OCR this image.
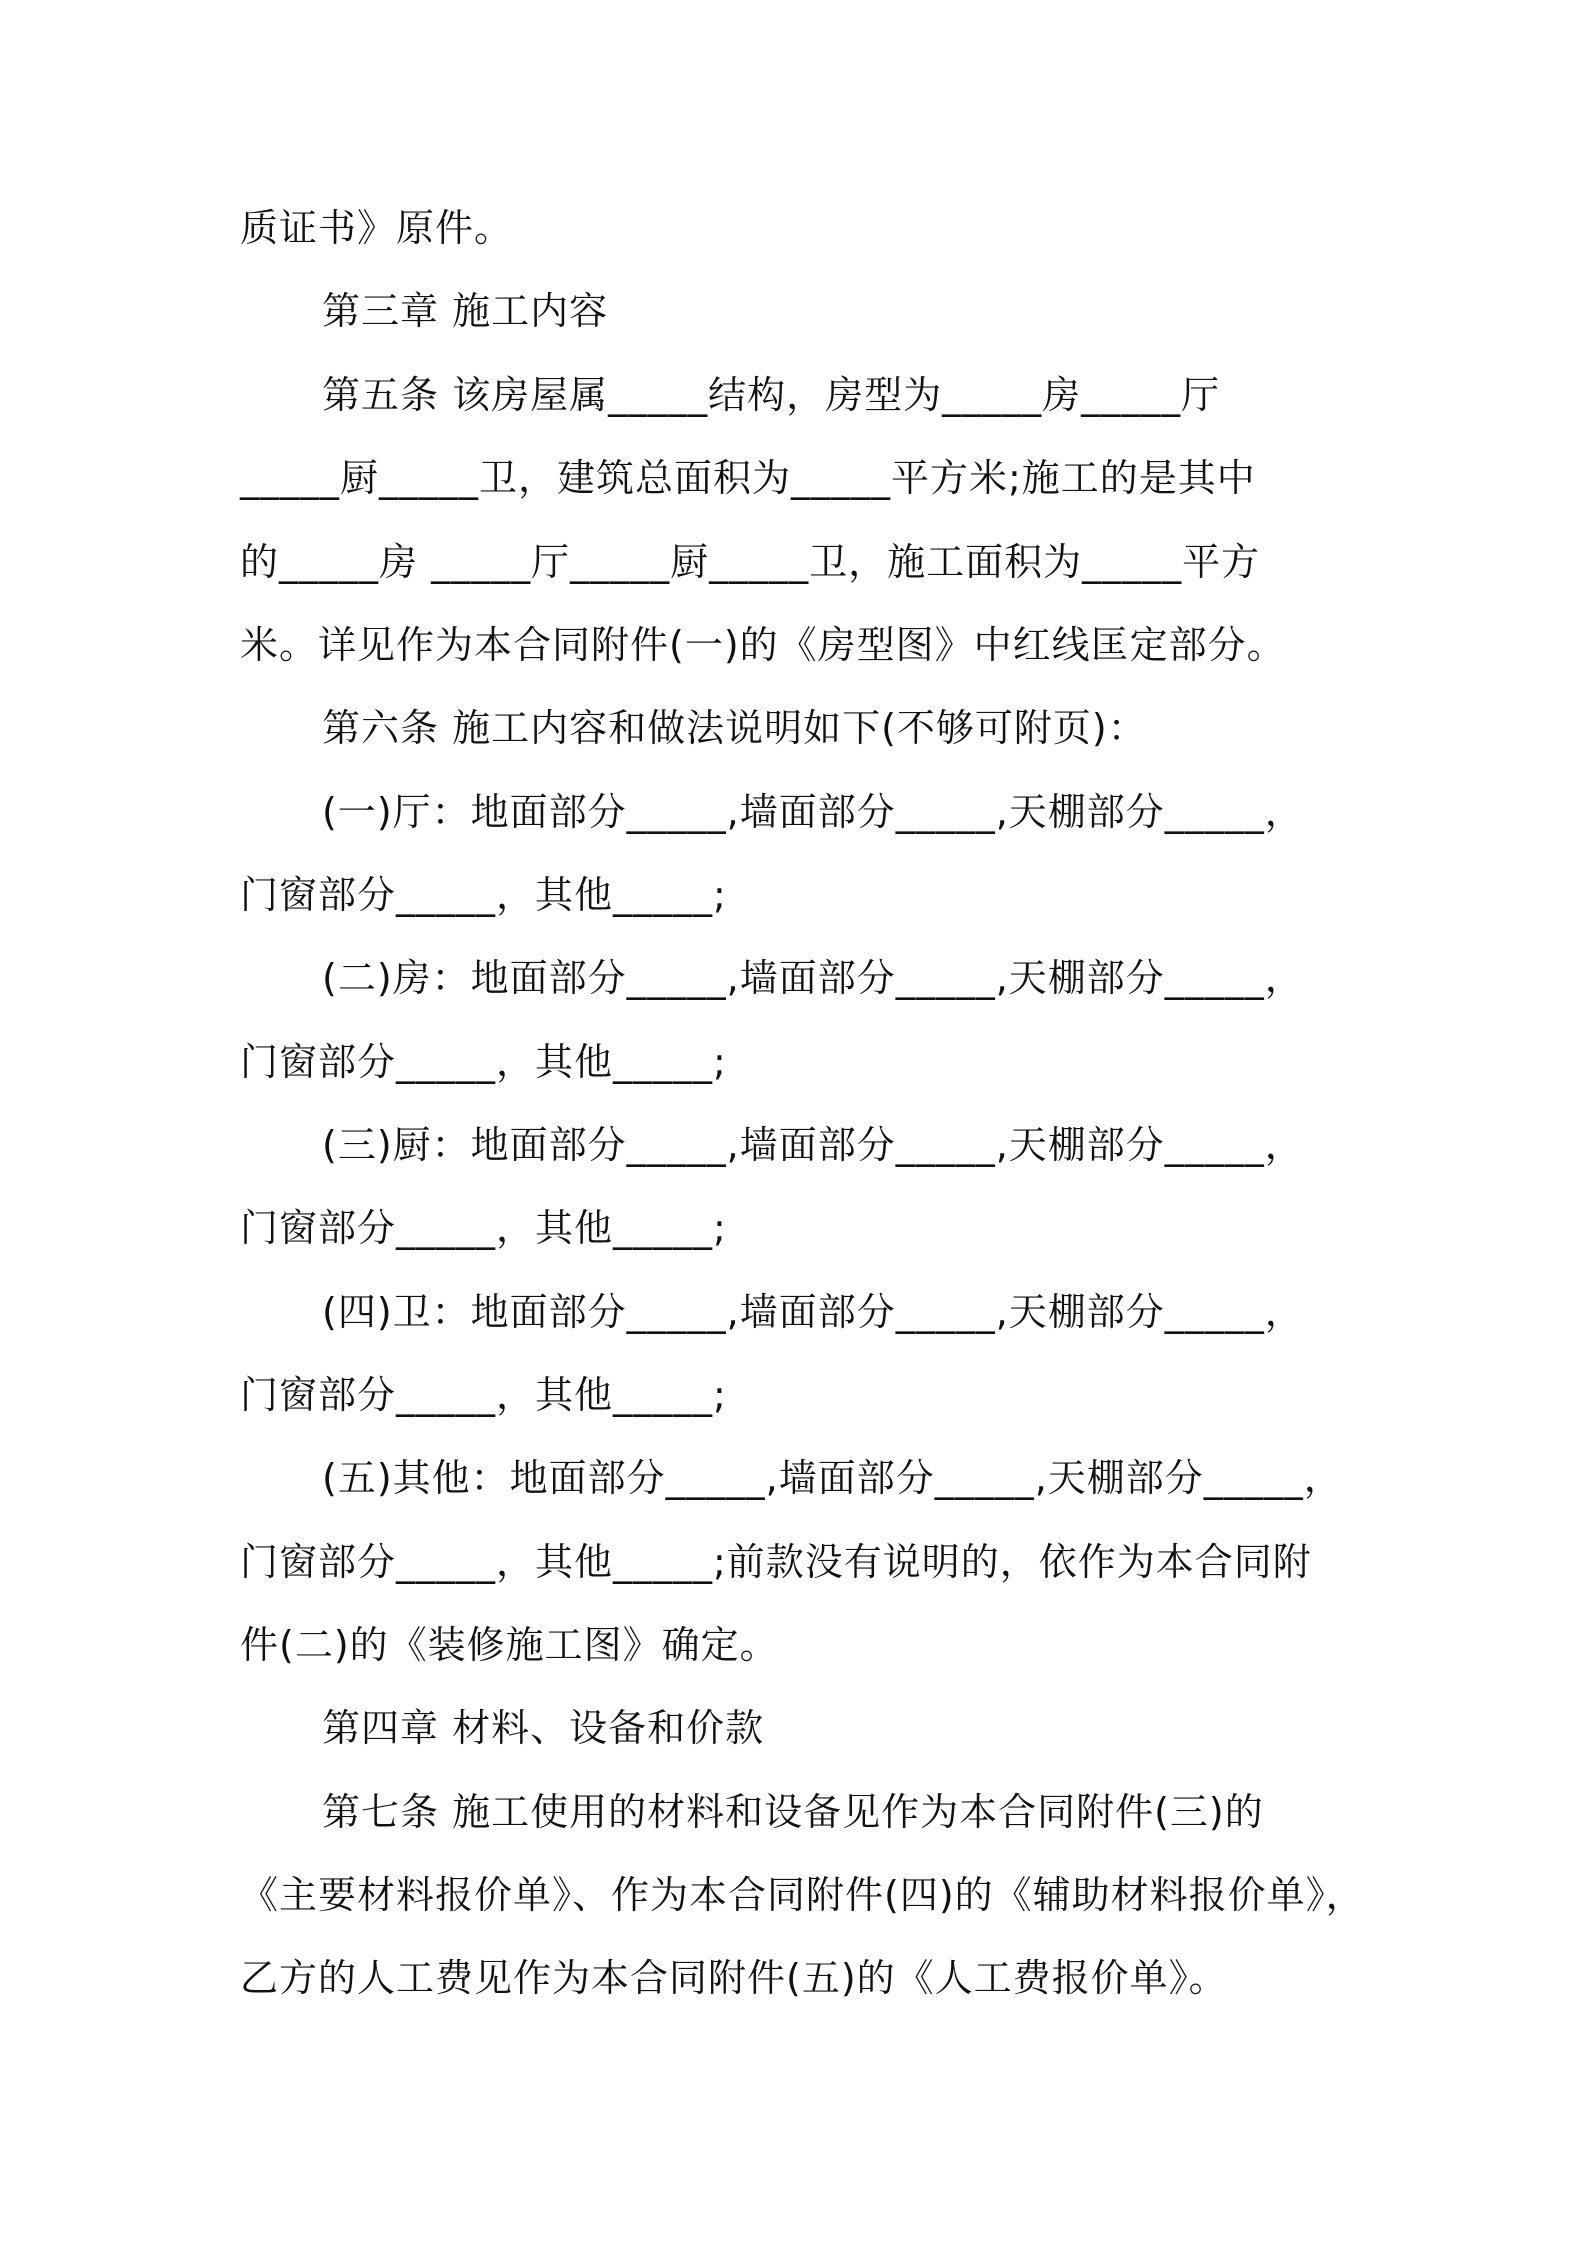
质证书》原件。
第三章 施工内容
第五条 该房屋属_____结构，房型为_____房_____厅
_____厨_____卫，建筑总面积为_____平方米;施工的是其中
的_____房 _____厅_____厨_____卫，施工面积为_____平方
米。详见作为本合同附件(一)的《房型图》中红线匡定部分。
第六条 施工内容和做法说明如下(不够可附页)：
(一)厅：地面部分_____,墙面部分_____,天棚部分_____，
门窗部分_____，其他_____;
(二)房：地面部分_____,墙面部分_____,天棚部分_____，
门窗部分_____，其他_____;
(三)厨：地面部分_____,墙面部分_____,天棚部分_____，
门窗部分_____，其他_____;
(四)卫：地面部分_____,墙面部分_____,天棚部分_____，
门窗部分_____，其他_____;
(五)其他：地面部分_____,墙面部分_____,天棚部分_____，
门窗部分_____，其他_____;前款没有说明的，依作为本合同附
件(二)的《装修施工图》确定。
第四章 材料、设备和价款
第七条 施工使用的材料和设备见作为本合同附件(三)的
《主要材料报价单》、作为本合同附件(四)的《辅助材料报价单》，
乙方的人工费见作为本合同附件(五)的《人工费报价单》。
